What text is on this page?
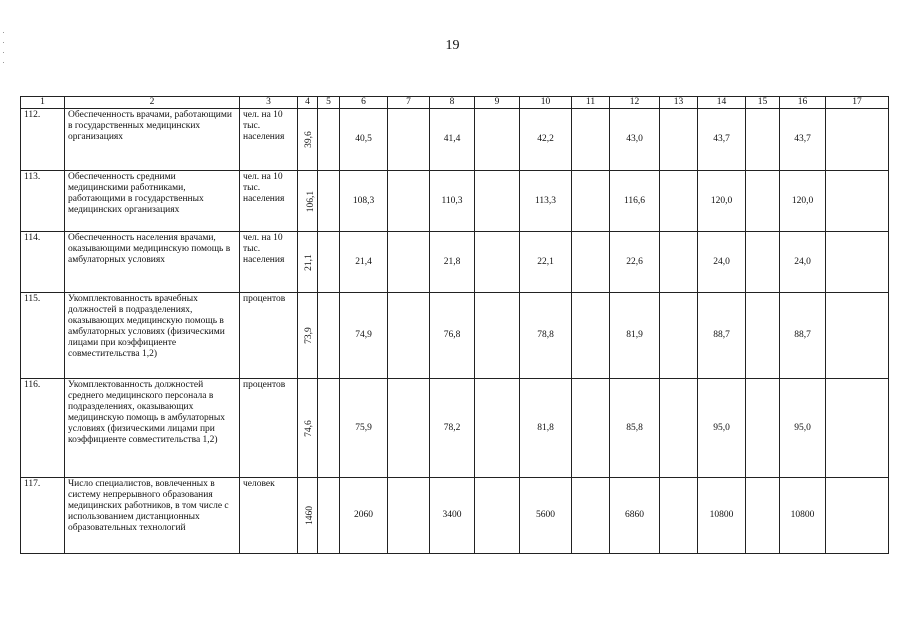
19
1	2	3	4	5	6	7	8	9	10	11	12	13	14	15	16	17
112.	Обеспеченность врачами, работающими в государственных медицинских организациях	чел. на 10 тыс. населения	39,6		40,5		41,4		42,2		43,0		43,7		43,7	
113.	Обеспеченность средними медицинскими работниками, работающими в государственных медицинских организациях	чел. на 10 тыс. населения	106,1		108,3		110,3		113,3		116,6		120,0		120,0	
114.	Обеспеченность населения врачами, оказывающими медицинскую помощь в амбулаторных условиях	чел. на 10 тыс. населения	21,1		21,4		21,8		22,1		22,6		24,0		24,0	
115.	Укомплектованность врачебных должностей в подразделениях, оказывающих медицинскую помощь в амбулаторных условиях (физическими лицами при коэффициенте совместительства 1,2)	процентов	73,9		74,9		76,8		78,8		81,9		88,7		88,7	
116.	Укомплектованность должностей среднего медицинского персонала в подразделениях, оказывающих медицинскую помощь в амбулаторных условиях (физическими лицами при коэффициенте совместительства 1,2)	процентов	74,6		75,9		78,2		81,8		85,8		95,0		95,0	
117.	Число специалистов, вовлеченных в систему непрерывного образования медицинских работников, в том числе с использованием дистанционных образовательных технологий	человек	1460		2060		3400		5600		6860		10800		10800	
